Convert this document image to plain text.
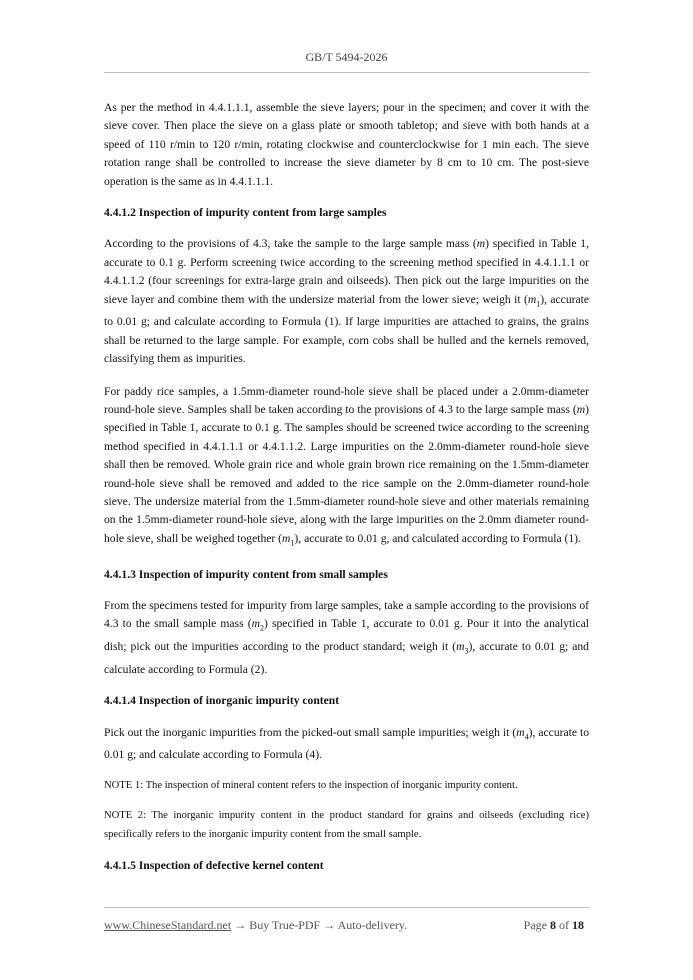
GB/T 5494-2026

As per the method in 4.4.1.1.1, assemble the sieve layers; pour in the specimen; and cover it with the sieve cover. Then place the sieve on a glass plate or smooth tabletop; and sieve with both hands at a speed of 110 r/min to 120 r/min, rotating clockwise and counterclockwise for 1 min each. The sieve rotation range shall be controlled to increase the sieve diameter by 8 cm to 10 cm. The post-sieve operation is the same as in 4.4.1.1.1.

4.4.1.2 Inspection of impurity content from large samples

According to the provisions of 4.3, take the sample to the large sample mass (m) specified in Table 1, accurate to 0.1 g. Perform screening twice according to the screening method specified in 4.4.1.1.1 or 4.4.1.1.2 (four screenings for extra-large grain and oilseeds). Then pick out the large impurities on the sieve layer and combine them with the undersize material from the lower sieve; weigh it $(m_1)$, accurate to 0.01 g; and calculate according to Formula (1). If large impurities are attached to grains, the grains shall be returned to the large sample. For example, corn cobs shall be hulled and the kernels removed, classifying them as impurities.

For paddy rice samples, a 1.5mm-diameter round-hole sieve shall be placed under a 2.0mm-diameter round-hole sieve. Samples shall be taken according to the provisions of 4.3 to the large sample mass (m) specified in Table 1, accurate to 0.1 g. The samples should be screened twice according to the screening method specified in 4.4.1.1.1 or 4.4.1.1.2. Large impurities on the 2.0mm-diameter round-hole sieve shall then be removed. Whole grain rice and whole grain brown rice remaining on the 1.5mm-diameter round-hole sieve shall be removed and added to the rice sample on the 2.0mm-diameter round-hole sieve. The undersize material from the 1.5mm-diameter round-hole sieve and other materials remaining on the 1.5mm-diameter round-hole sieve, along with the large impurities on the 2.0mm diameter round-hole sieve, shall be weighed together $(m_1)$, accurate to 0.01 g, and calculated according to Formula (1).

4.4.1.3 Inspection of impurity content from small samples

From the specimens tested for impurity from large samples, take a sample according to the provisions of 4.3 to the small sample mass $(m_2)$ specified in Table 1, accurate to 0.01 g. Pour it into the analytical dish; pick out the impurities according to the product standard; weigh it $(m_3)$, accurate to 0.01 g; and calculate according to Formula (2).

4.4.1.4 Inspection of inorganic impurity content

Pick out the inorganic impurities from the picked-out small sample impurities; weigh it $(m_4)$, accurate to 0.01 g; and calculate according to Formula (4).

NOTE 1: The inspection of mineral content refers to the inspection of inorganic impurity content.

NOTE 2: The inorganic impurity content in the product standard for grains and oilseeds (excluding rice) specifically refers to the inorganic impurity content from the small sample.

4.4.1.5 Inspection of defective kernel content

www.ChineseStandard.net → Buy True-PDF → Auto-delivery.	Page 8 of 18
